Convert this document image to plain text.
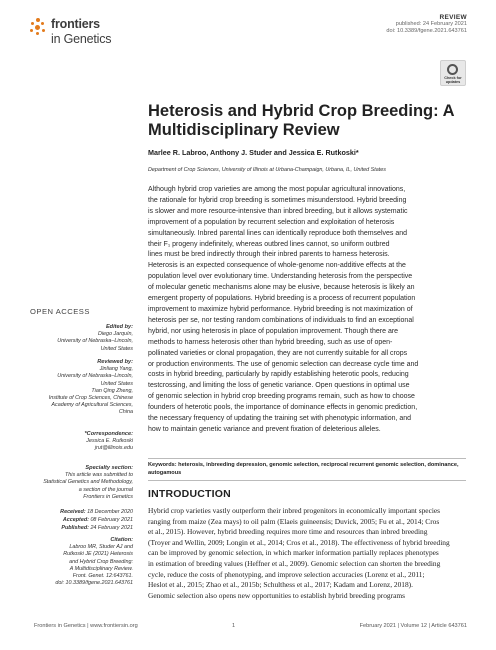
frontiers
in Genetics
REVIEW
published: 24 February 2021
doi: 10.3389/fgene.2021.643761
Check for updates
Heterosis and Hybrid Crop Breeding: A Multidisciplinary Review
Marlee R. Labroo, Anthony J. Studer and Jessica E. Rutkoski*
Department of Crop Sciences, University of Illinois at Urbana-Champaign, Urbana, IL, United States
Although hybrid crop varieties are among the most popular agricultural innovations,
the rationale for hybrid crop breeding is sometimes misunderstood. Hybrid breeding
is slower and more resource-intensive than inbred breeding, but it allows systematic
improvement of a population by recurrent selection and exploitation of heterosis
simultaneously. Inbred parental lines can identically reproduce both themselves and
their F₁ progeny indefinitely, whereas outbred lines cannot, so uniform outbred
lines must be bred indirectly through their inbred parents to harness heterosis.
Heterosis is an expected consequence of whole-genome non-additive effects at the
population level over evolutionary time. Understanding heterosis from the perspective
of molecular genetic mechanisms alone may be elusive, because heterosis is likely an
emergent property of populations. Hybrid breeding is a process of recurrent population
improvement to maximize hybrid performance. Hybrid breeding is not maximization of
heterosis per se, nor testing random combinations of individuals to find an exceptional
hybrid, nor using heterosis in place of population improvement. Though there are
methods to harness heterosis other than hybrid breeding, such as use of open-
pollinated varieties or clonal propagation, they are not currently suitable for all crops
or production environments. The use of genomic selection can decrease cycle time and
costs in hybrid breeding, particularly by rapidly establishing heterotic pools, reducing
testcrossing, and limiting the loss of genetic variance. Open questions in optimal use
of genomic selection in hybrid crop breeding programs remain, such as how to choose
founders of heterotic pools, the importance of dominance effects in genomic prediction,
the necessary frequency of updating the training set with phenotypic information, and
how to maintain genetic variance and prevent fixation of deleterious alleles.
Keywords: heterosis, inbreeding depression, genomic selection, reciprocal recurrent genomic selection, dominance, autogamous
INTRODUCTION
Hybrid crop varieties vastly outperform their inbred progenitors in economically important species
ranging from maize (Zea mays) to oil palm (Elaeis guineensis; Duvick, 2005; Fu et al., 2014; Cros
et al., 2015). However, hybrid breeding requires more time and resources than inbred breeding
(Troyer and Wellin, 2009; Longin et al., 2014; Cros et al., 2018). The effectiveness of hybrid breeding
can be improved by genomic selection, in which marker information partially replaces phenotypes
in estimation of breeding values (Heffner et al., 2009). Genomic selection can shorten the breeding
cycle, reduce the costs of phenotyping, and improve selection accuracies (Lorenz et al., 2011;
Heslot et al., 2015; Zhao et al., 2015b; Schulthess et al., 2017; Kadam and Lorenz, 2018).
Genomic selection also opens new opportunities to establish hybrid breeding programs
OPEN ACCESS
Edited by:
Diego Jarquín,
University of Nebraska–Lincoln,
United States
Reviewed by:
Jinliang Yang,
University of Nebraska–Lincoln,
United States
Tian Qing Zheng,
Institute of Crop Sciences, Chinese
Academy of Agricultural Sciences,
China
*Correspondence:
Jessica E. Rutkoski
jrut@illinois.edu
Specialty section:
This article was submitted to
Statistical Genetics and Methodology,
a section of the journal
Frontiers in Genetics
Received: 18 December 2020
Accepted: 08 February 2021
Published: 24 February 2021
Citation:
Labroo MR, Studer AJ and
Rutkoski JE (2021) Heterosis
and Hybrid Crop Breeding:
A Multidisciplinary Review.
Front. Genet. 12:643761.
doi: 10.3389/fgene.2021.643761
Frontiers in Genetics | www.frontiersin.org	1	February 2021 | Volume 12 | Article 643761
